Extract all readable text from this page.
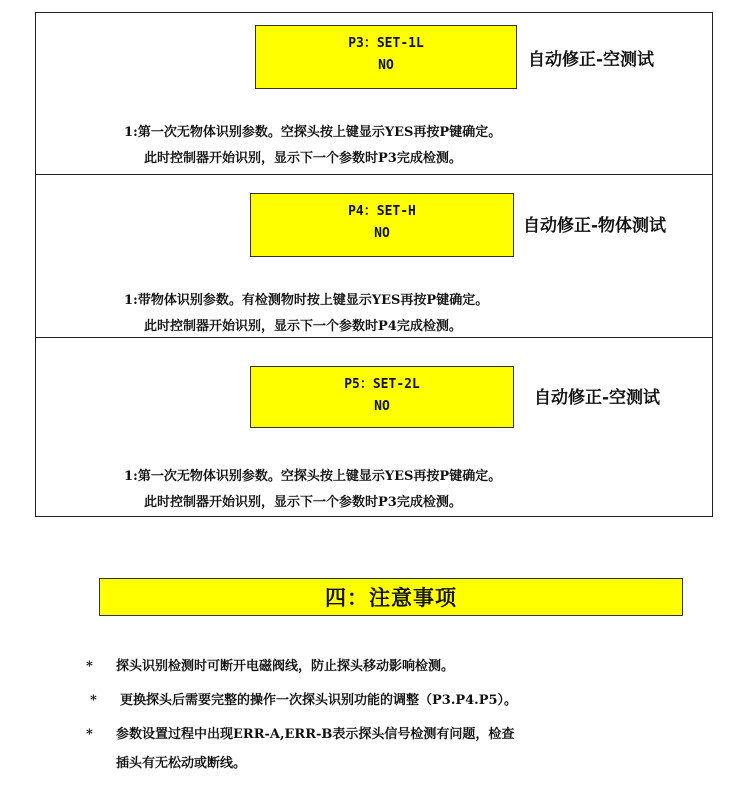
P3：SET-1L
NO	自动修正-空测试
1:第一次无物体识别参数。空探头按上键显示YES再按P键确定。
此时控制器开始识别，显示下一个参数时P3完成检测。
P4：SET-H
NO	自动修正-物体测试
1:带物体识别参数。有检测物时按上键显示YES再按P键确定。
此时控制器开始识别，显示下一个参数时P4完成检测。
P5：SET-2L
NO	自动修正-空测试
1:第一次无物体识别参数。空探头按上键显示YES再按P键确定。
此时控制器开始识别，显示下一个参数时P3完成检测。
四：注意事项
* 探头识别检测时可断开电磁阀线，防止探头移动影响检测。
* 更换探头后需要完整的操作一次探头识别功能的调整（P3.P4.P5）。
* 参数设置过程中出现ERR-A,ERR-B表示探头信号检测有问题，检查
插头有无松动或断线。
